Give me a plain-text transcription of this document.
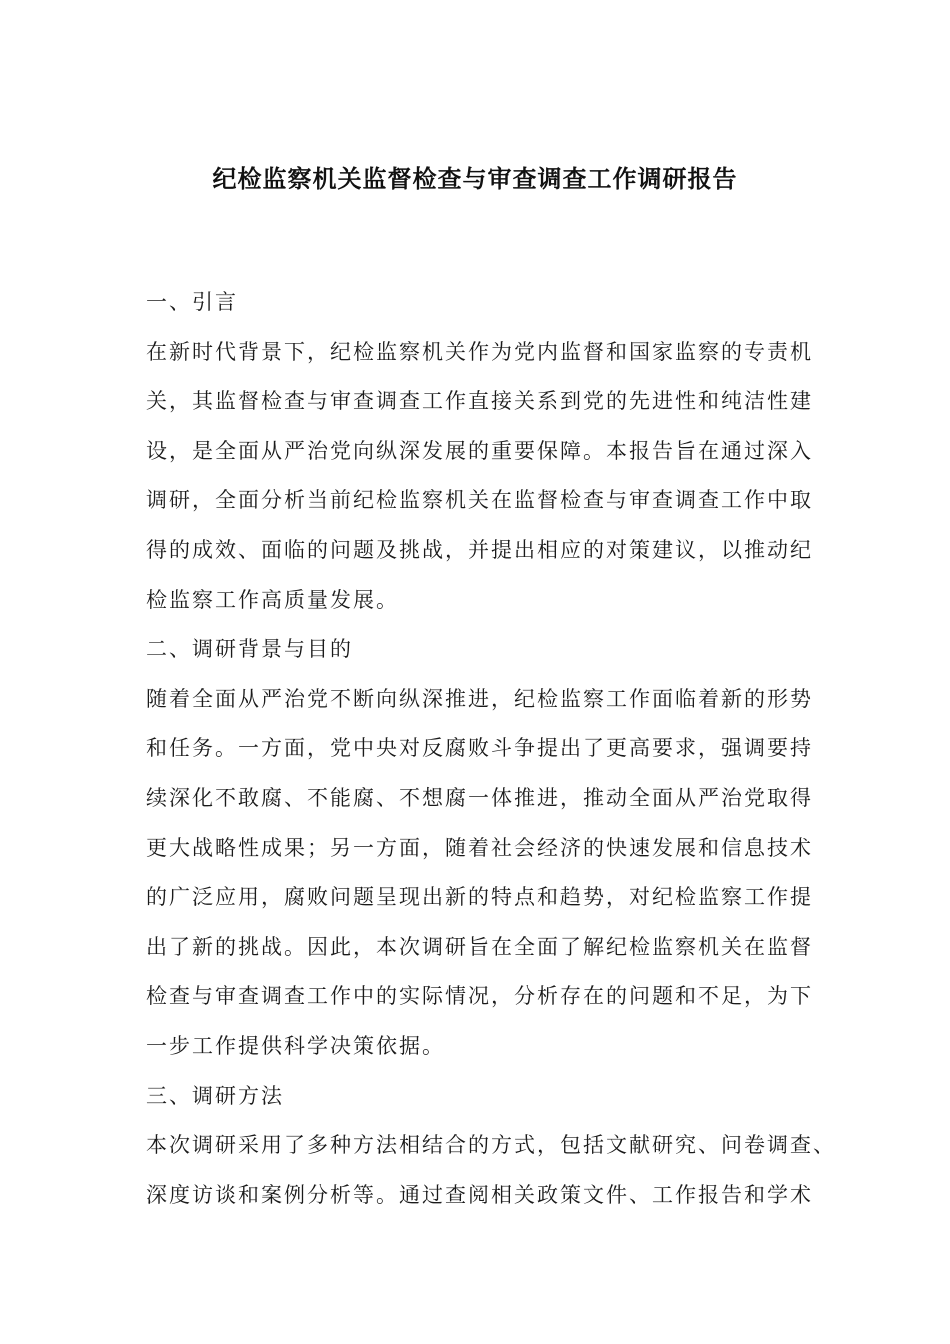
纪检监察机关监督检查与审查调查工作调研报告
一、引言

在新时代背景下，纪检监察机关作为党内监督和国家监察的专责机
关，其监督检查与审查调查工作直接关系到党的先进性和纯洁性建
设，是全面从严治党向纵深发展的重要保障。本报告旨在通过深入
调研，全面分析当前纪检监察机关在监督检查与审查调查工作中取
得的成效、面临的问题及挑战，并提出相应的对策建议，以推动纪
检监察工作高质量发展。

二、调研背景与目的

随着全面从严治党不断向纵深推进，纪检监察工作面临着新的形势
和任务。一方面，党中央对反腐败斗争提出了更高要求，强调要持
续深化不敢腐、不能腐、不想腐一体推进，推动全面从严治党取得
更大战略性成果；另一方面，随着社会经济的快速发展和信息技术
的广泛应用，腐败问题呈现出新的特点和趋势，对纪检监察工作提
出了新的挑战。因此，本次调研旨在全面了解纪检监察机关在监督
检查与审查调查工作中的实际情况，分析存在的问题和不足，为下
一步工作提供科学决策依据。

三、调研方法

本次调研采用了多种方法相结合的方式，包括文献研究、问卷调查、
深度访谈和案例分析等。通过查阅相关政策文件、工作报告和学术
